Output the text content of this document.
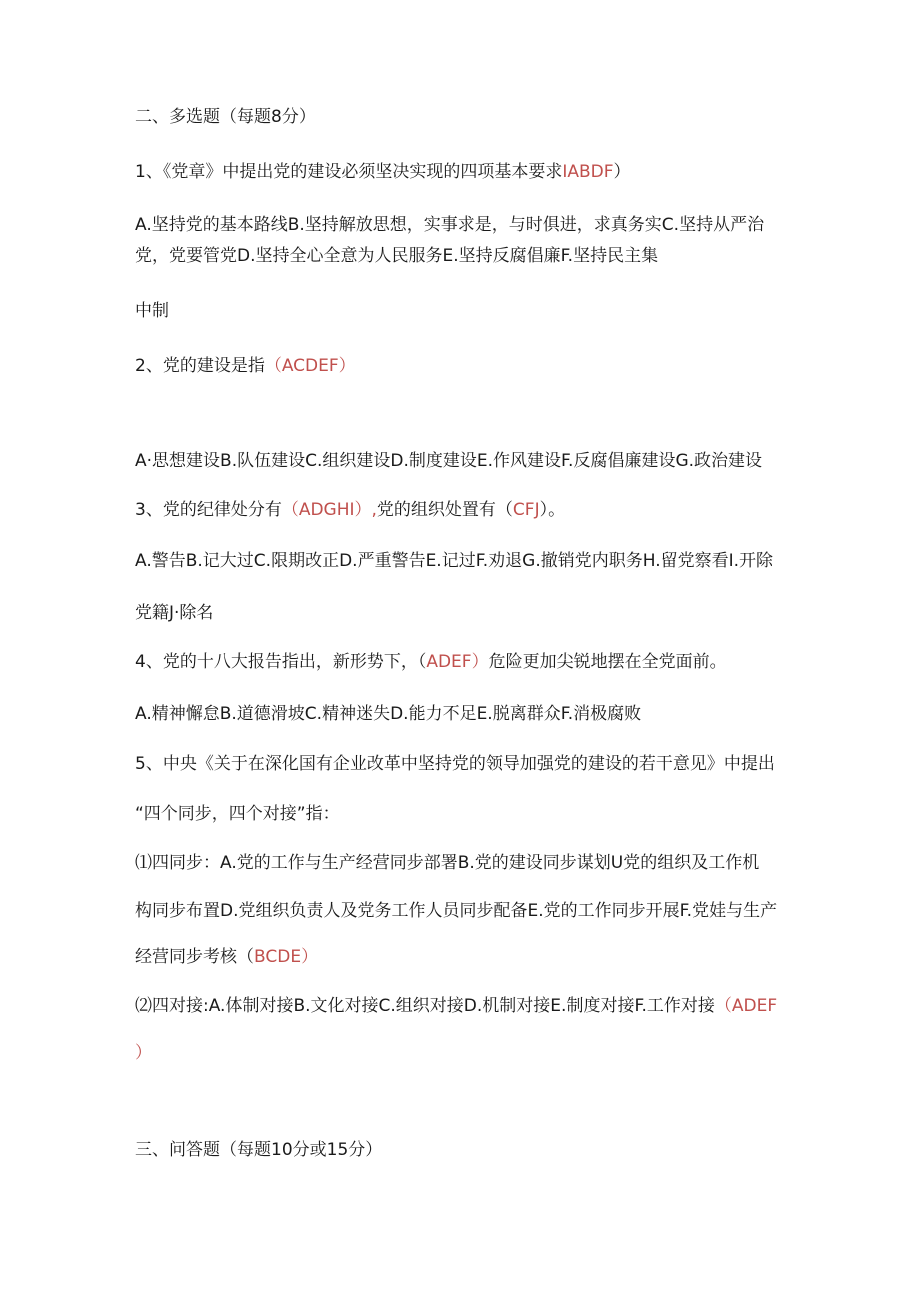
二、多选题（每题8分）
1、《党章》中提出党的建设必须坚决实现的四项基本要求IABDF）
A.坚持党的基本路线B.坚持解放思想，实事求是，与时俱进，求真务实C.坚持从严治
党，党要管党D.坚持全心全意为人民服务E.坚持反腐倡廉F.坚持民主集
中制
2、党的建设是指（ACDEF）
A·思想建设B.队伍建设C.组织建设D.制度建设E.作风建设F.反腐倡廉建设G.政治建设
3、党的纪律处分有（ADGHI）,党的组织处置有（CFJ）。
A.警告B.记大过C.限期改正D.严重警告E.记过F.劝退G.撤销党内职务H.留党察看I.开除
党籍J·除名
4、党的十八大报告指出，新形势下，（ADEF）危险更加尖锐地摆在全党面前。
A.精神懈怠B.道德滑坡C.精神迷失D.能力不足E.脱离群众F.消极腐败
5、中央《关于在深化国有企业改革中坚持党的领导加强党的建设的若干意见》中提出
“四个同步，四个对接”指：
⑴四同步：A.党的工作与生产经营同步部署B.党的建设同步谋划U党的组织及工作机
构同步布置D.党组织负责人及党务工作人员同步配备E.党的工作同步开展F.党娃与生产
经营同步考核（BCDE）
⑵四对接:A.体制对接B.文化对接C.组织对接D.机制对接E.制度对接F.工作对接（ADEF
）
三、问答题（每题10分或15分）
